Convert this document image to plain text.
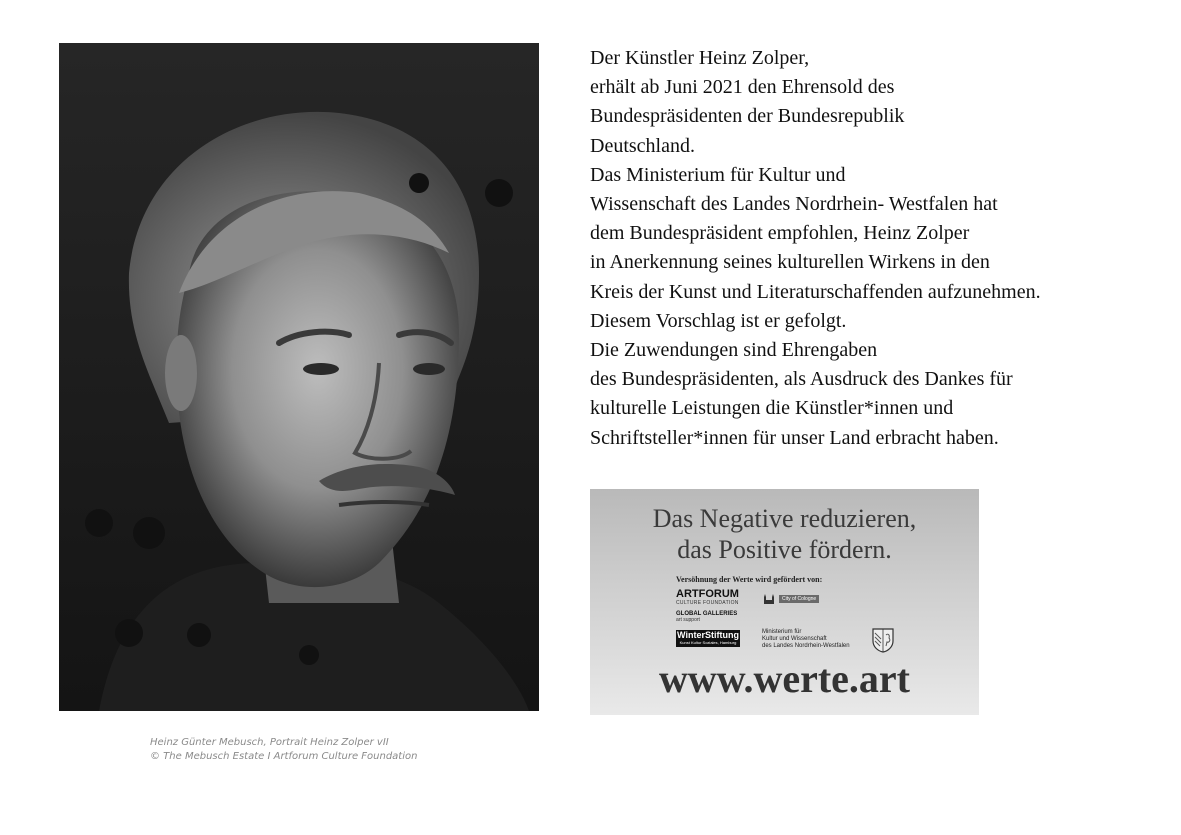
Heinz Günter Mebusch, Portrait Heinz Zolper vII
© The Mebusch Estate I Artforum Culture Foundation
Der Künstler Heinz Zolper,
erhält ab Juni 2021 den Ehrensold des
Bundespräsidenten der Bundesrepublik
Deutschland.
Das Ministerium für Kultur und
Wissenschaft des Landes Nordrhein- Westfalen hat
dem Bundespräsident empfohlen, Heinz Zolper
in Anerkennung seines kulturellen Wirkens in den
Kreis der Kunst und Literaturschaffenden aufzunehmen.
Diesem Vorschlag ist er gefolgt.
Die Zuwendungen sind Ehrengaben
des Bundespräsidenten, als Ausdruck des Dankes für
kulturelle Leistungen die Künstler*innen und
Schriftsteller*innen für unser Land erbracht haben.
Das Negative reduzieren,
das Positive fördern.
Versöhnung der Werte wird gefördert von:
ARTFORUM
CULTURE FOUNDATION
GLOBAL GALLERIES
art support
WinterStiftung
Kunst Kultur Soziales, Hamburg
City of Cologne
Ministerium für
Kultur und Wissenschaft
des Landes Nordrhein-Westfalen
www.werte.art
